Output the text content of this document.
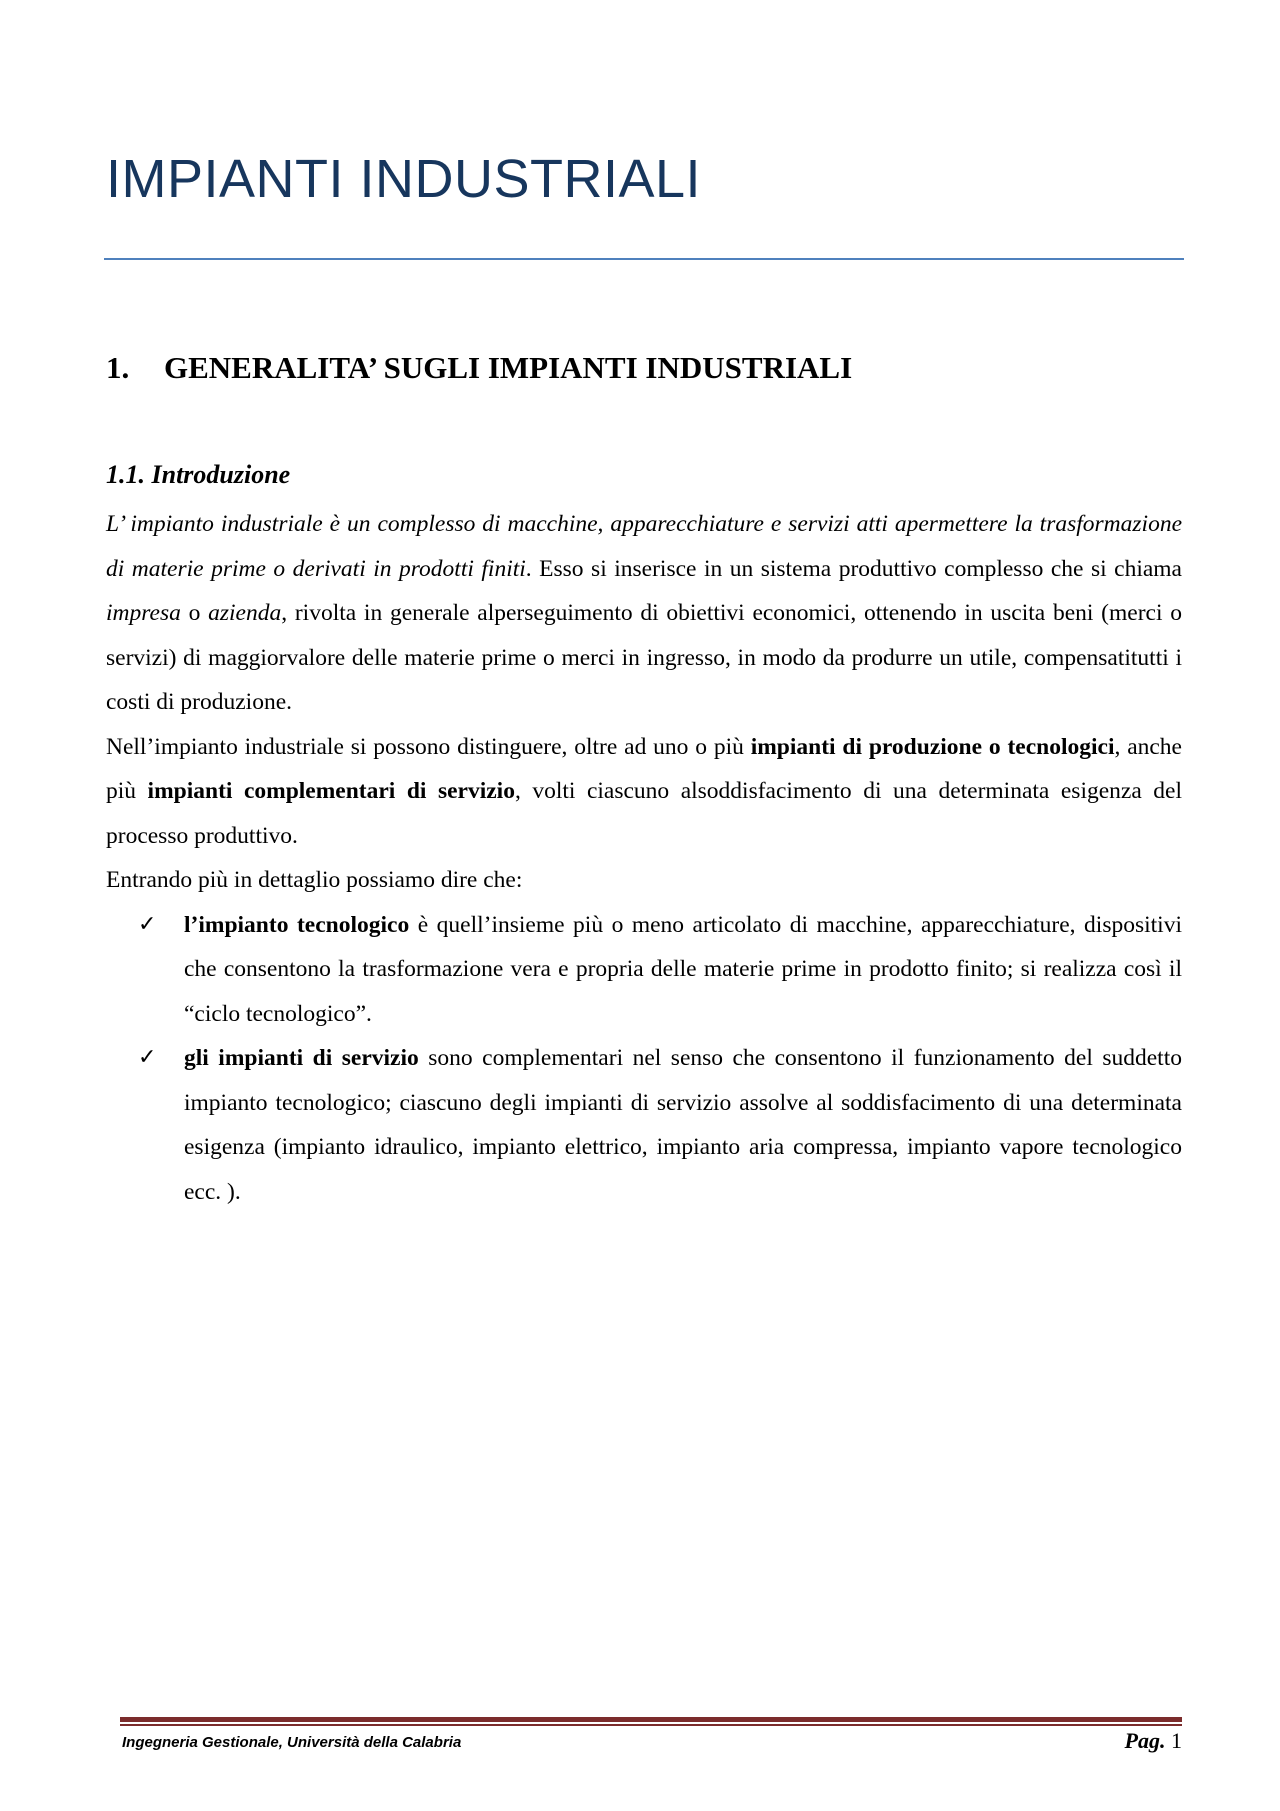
IMPIANTI INDUSTRIALI
1. GENERALITA’ SUGLI IMPIANTI INDUSTRIALI
1.1. Introduzione

L’ impianto industriale è un complesso di macchine, apparecchiature e servizi atti apermettere la trasformazione di materie prime o derivati in prodotti finiti. Esso si inserisce in un sistema produttivo complesso che si chiama impresa o azienda, rivolta in generale alperseguimento di obiettivi economici, ottenendo in uscita beni (merci o servizi) di maggiorvalore delle materie prime o merci in ingresso, in modo da produrre un utile, compensatitutti i costi di produzione.

Nell’impianto industriale si possono distinguere, oltre ad uno o più impianti di produzione o tecnologici, anche più impianti complementari di servizio, volti ciascuno alsoddisfacimento di una determinata esigenza del processo produttivo.

Entrando più in dettaglio possiamo dire che:

✓ l’impianto tecnologico è quell’insieme più o meno articolato di macchine, apparecchiature, dispositivi che consentono la trasformazione vera e propria delle materie prime in prodotto finito; si realizza così il “ciclo tecnologico”.
✓ gli impianti di servizio sono complementari nel senso che consentono il funzionamento del suddetto impianto tecnologico; ciascuno degli impianti di servizio assolve al soddisfacimento di una determinata esigenza (impianto idraulico, impianto elettrico, impianto aria compressa, impianto vapore tecnologico ecc. ).
Ingegneria Gestionale, Università della Calabria	Pag. 1
